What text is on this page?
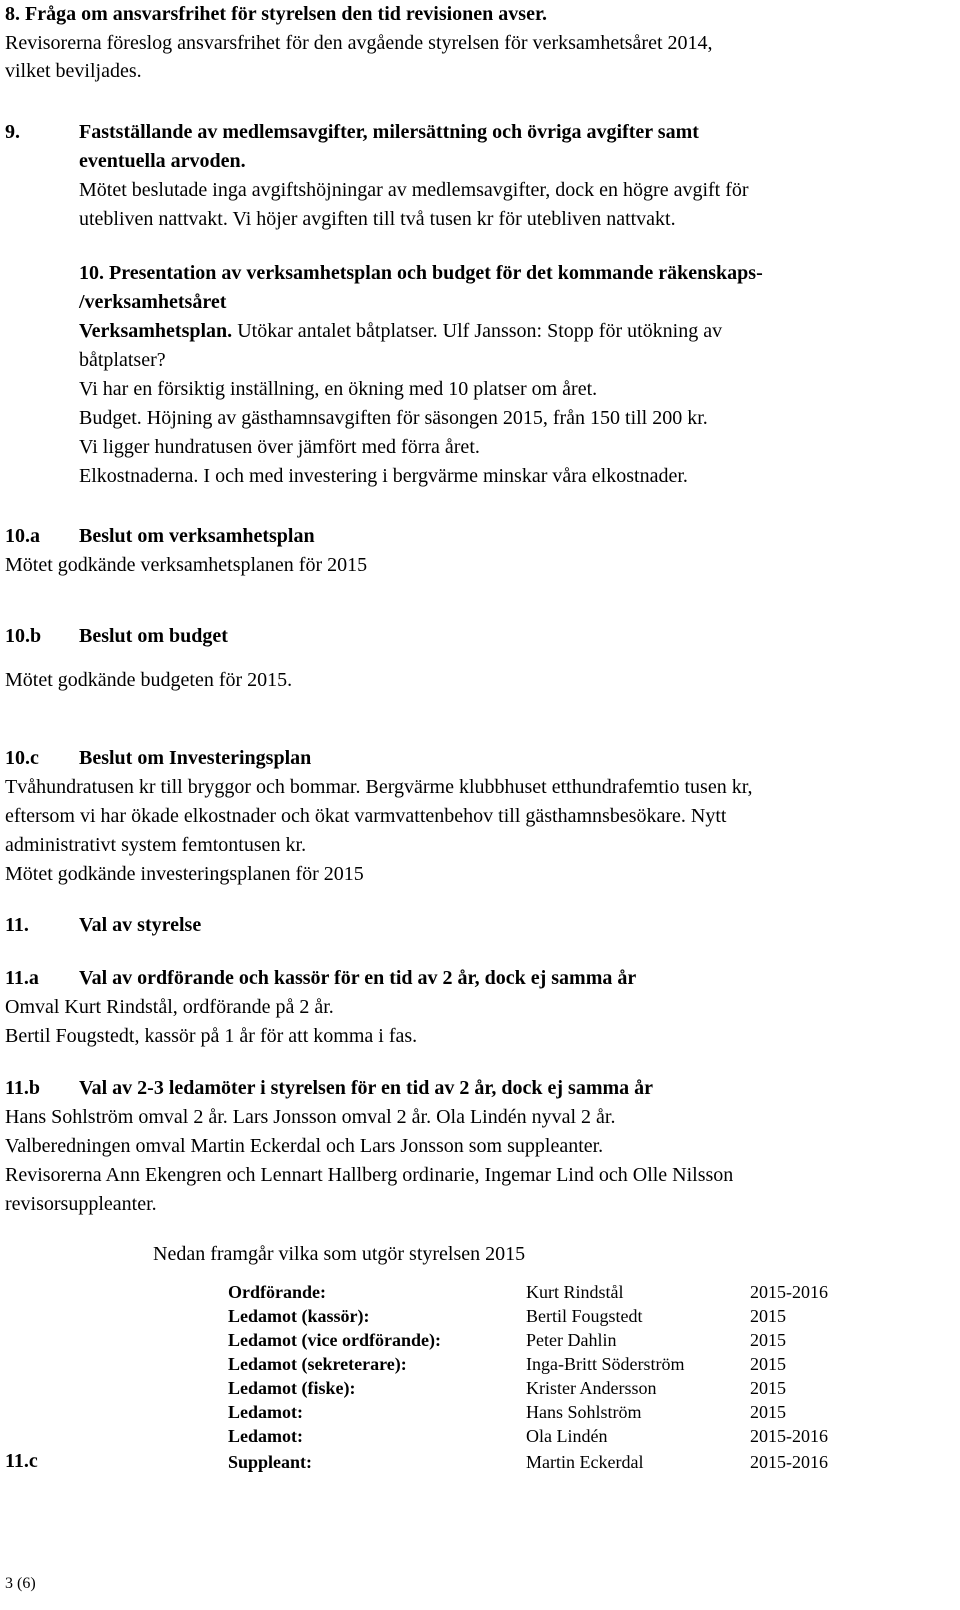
8. Fråga om ansvarsfrihet för styrelsen den tid revisionen avser.
Revisorerna föreslog ansvarsfrihet för den avgående styrelsen för verksamhetsåret 2014,
vilket beviljades.
9.	Fastställande av medlemsavgifter, milersättning och övriga avgifter samt
eventuella arvoden.
Mötet beslutade inga avgiftshöjningar av medlemsavgifter, dock en högre avgift för
utebliven nattvakt. Vi höjer avgiften till två tusen kr för utebliven nattvakt.
10. Presentation av verksamhetsplan och budget för det kommande räkenskaps-
/verksamhetsåret
Verksamhetsplan. Utökar antalet båtplatser. Ulf Jansson: Stopp för utökning av
båtplatser?
Vi har en försiktig inställning, en ökning med 10 platser om året.
Budget. Höjning av gästhamnsavgiften för säsongen 2015, från 150 till 200 kr.
Vi ligger hundratusen över jämfört med förra året.
Elkostnaderna. I och med investering i bergvärme minskar våra elkostnader.
10.a Beslut om verksamhetsplan
Mötet godkände verksamhetsplanen för 2015
10.b Beslut om budget
Mötet godkände budgeten för 2015.
10.c Beslut om Investeringsplan
Tvåhundratusen kr till bryggor och bommar. Bergvärme klubbhuset etthundrafemtio tusen kr,
eftersom vi har ökade elkostnader och ökat varmvattenbehov till gästhamnsbesökare. Nytt
administrativt system femtontusen kr.
Mötet godkände investeringsplanen för 2015
11.	Val av styrelse
11.a Val av ordförande och kassör för en tid av 2 år, dock ej samma år
Omval Kurt Rindstål, ordförande på 2 år.
Bertil Fougstedt, kassör på 1 år för att komma i fas.
11.b Val av 2-3 ledamöter i styrelsen för en tid av 2 år, dock ej samma år
Hans Sohlström omval 2 år. Lars Jonsson omval 2 år. Ola Lindén nyval 2 år.
Valberedningen omval Martin Eckerdal och Lars Jonsson som suppleanter.
Revisorerna Ann Ekengren och Lennart Hallberg ordinarie, Ingemar Lind och Olle Nilsson
revisorsuppleanter.
Nedan framgår vilka som utgör styrelsen 2015
Ordförande:	Kurt Rindstål	2015-2016
Ledamot (kassör):	Bertil Fougstedt	2015
Ledamot (vice ordförande):	Peter Dahlin	2015
Ledamot (sekreterare):	Inga-Britt Söderström	2015
Ledamot (fiske):	Krister Andersson	2015
Ledamot:	Hans Sohlström	2015
Ledamot:	Ola Lindén	2015-2016
Suppleant:	Martin Eckerdal	2015-2016
11.c
3 (6)
